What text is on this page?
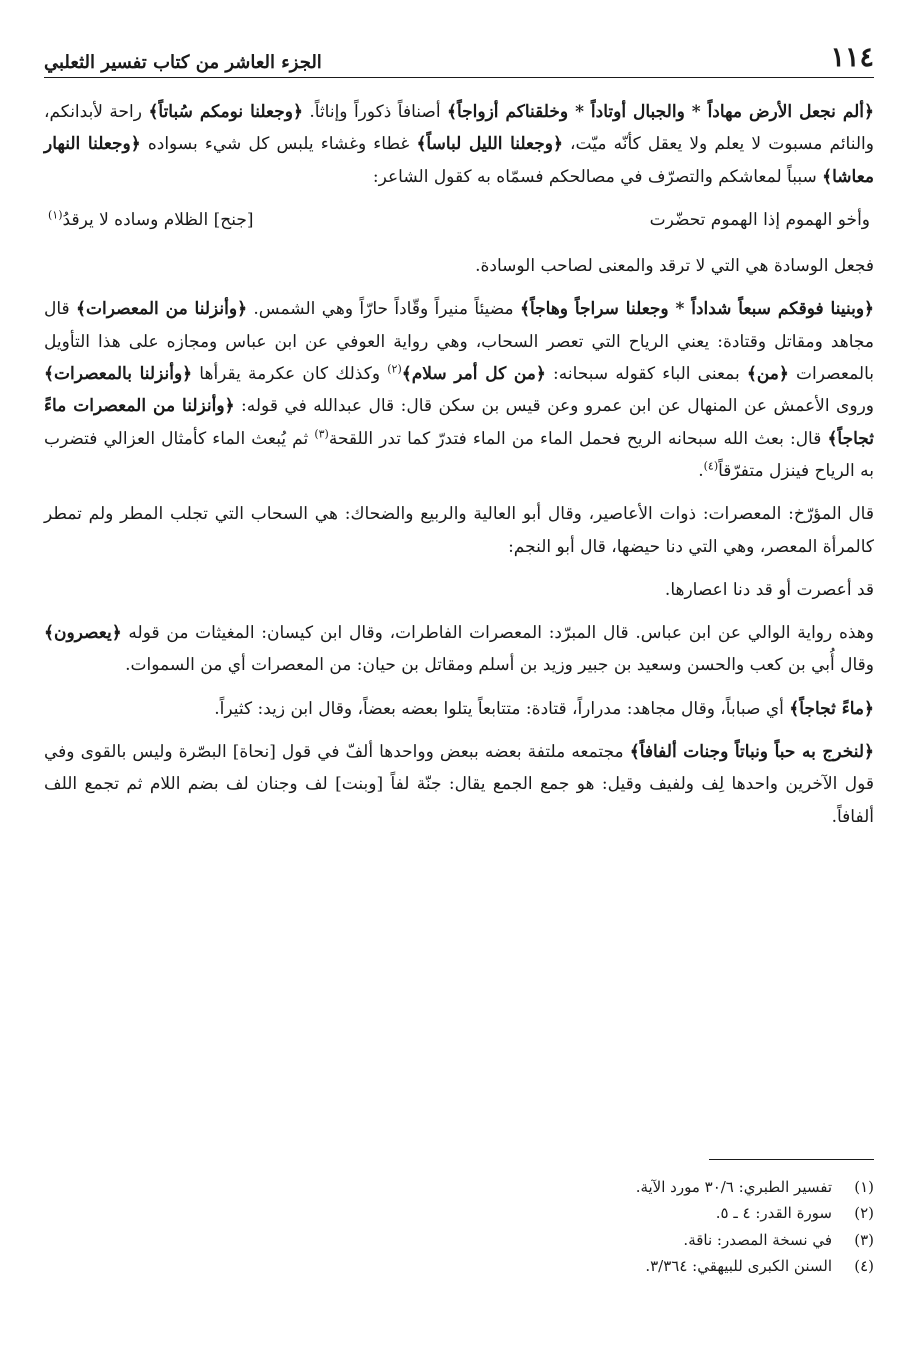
١١٤
الجزء العاشر من كتاب تفسير الثعلبي

﴿ألم نجعل الأرض مهاداً * والجبال أوتاداً * وخلقناكم أزواجاً﴾ أصنافاً ذكوراً وإناثاً. ﴿وجعلنا نومكم سُباتاً﴾ راحة لأبدانكم، والنائم مسبوت لا يعلم ولا يعقل كأنّه ميّت، ﴿وجعلنا الليل لباساً﴾ غطاء وغشاء يلبس كل شيء بسواده ﴿وجعلنا النهار معاشا﴾ سبباً لمعاشكم والتصرّف في مصالحكم فسمّاه به كقول الشاعر:

وأخو الهموم إذا الهموم تحضّرت
[جنح] الظلام وساده لا يرقدُ$^{(١)}$

فجعل الوسادة هي التي لا ترقد والمعنى لصاحب الوسادة.

﴿وبنينا فوقكم سبعاً شداداً * وجعلنا سراجاً وهاجاً﴾ مضيئاً منيراً وقّاداً حارّاً وهي الشمس. ﴿وأنزلنا من المعصرات﴾ قال مجاهد ومقاتل وقتادة: يعني الرياح التي تعصر السحاب، وهي رواية العوفي عن ابن عباس ومجازه على هذا التأويل بالمعصرات ﴿من﴾ بمعنى الباء كقوله سبحانه: ﴿من كل أمر سلام﴾$^{(٢)}$ وكذلك كان عكرمة يقرأها ﴿وأنزلنا بالمعصرات﴾ وروى الأعمش عن المنهال عن ابن عمرو وعن قيس بن سكن قال: قال عبدالله في قوله: ﴿وأنزلنا من المعصرات ماءً ثجاجاً﴾ قال: بعث الله سبحانه الريح فحمل الماء من الماء فتدرّ كما تدر اللقحة$^{(٣)}$ ثم يُبعث الماء كأمثال العزالي فتضرب به الرياح فينزل متفرّقاً$^{(٤)}$.

قال المؤرّخ: المعصرات: ذوات الأعاصير، وقال أبو العالية والربيع والضحاك: هي السحاب التي تجلب المطر ولم تمطر كالمرأة المعصر، وهي التي دنا حيضها، قال أبو النجم:

قد أعصرت أو قد دنا اعصارها.

وهذه رواية الوالي عن ابن عباس. قال المبرّد: المعصرات الفاطرات، وقال ابن كيسان: المغيثات من قوله ﴿يعصرون﴾ وقال أُبي بن كعب والحسن وسعيد بن جبير وزيد بن أسلم ومقاتل بن حيان: من المعصرات أي من السموات.

﴿ماءً ثجاجاً﴾ أي صباباً، وقال مجاهد: مدراراً، قتادة: متتابعاً يتلوا بعضه بعضاً، وقال ابن زيد: كثيراً.

﴿لنخرج به حباً ونباتاً وجنات ألفافاً﴾ مجتمعه ملتفة بعضه ببعض وواحدها ألفّ في قول [نحاة] البصّرة وليس بالقوى وفي قول الآخرين واحدها لِف ولفيف وقيل: هو جمع الجمع يقال: جنّة لفاً [وبنت] لف وجنان لف بضم اللام ثم تجمع اللف ألفافاً.

(١)
تفسير الطبري: ٣٠/٦ مورد الآية.
(٢)
سورة القدر: ٤ ـ ٥.
(٣)
في نسخة المصدر: ناقة.
(٤)
السنن الكبرى للبيهقي: ٣/٣٦٤.
